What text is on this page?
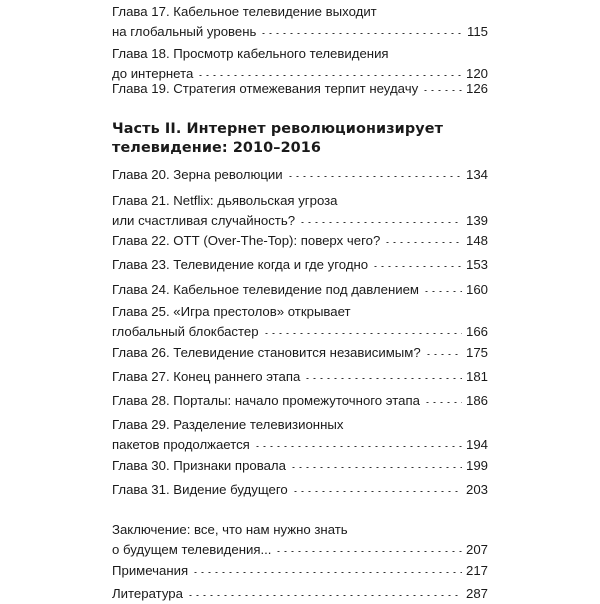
Часть II. Интернет революционизирует
телевидение: 2010–2016
Глава 17. Кабельное телевидение выходит
на глобальный уровень	115
Глава 18. Просмотр кабельного телевидения
до интернета	120
Глава 19. Стратегия отмежевания терпит неудачу	126
Глава 20. Зерна революции	134
Глава 21. Netflix: дьявольская угроза
или счастливая случайность?	139
Глава 22. ОТТ (Over-The-Top): поверх чего?	148
Глава 23. Телевидение когда и где угодно	153
Глава 24. Кабельное телевидение под давлением	160
Глава 25. «Игра престолов» открывает
глобальный блокбастер	166
Глава 26. Телевидение становится независимым?	175
Глава 27. Конец раннего этапа	181
Глава 28. Порталы: начало промежуточного этапа	186
Глава 29. Разделение телевизионных
пакетов продолжается	194
Глава 30. Признаки провала	199
Глава 31. Видение будущего	203
Заключение: все, что нам нужно знать
о будущем телевидения...	207
Примечания	217
Литература	287
